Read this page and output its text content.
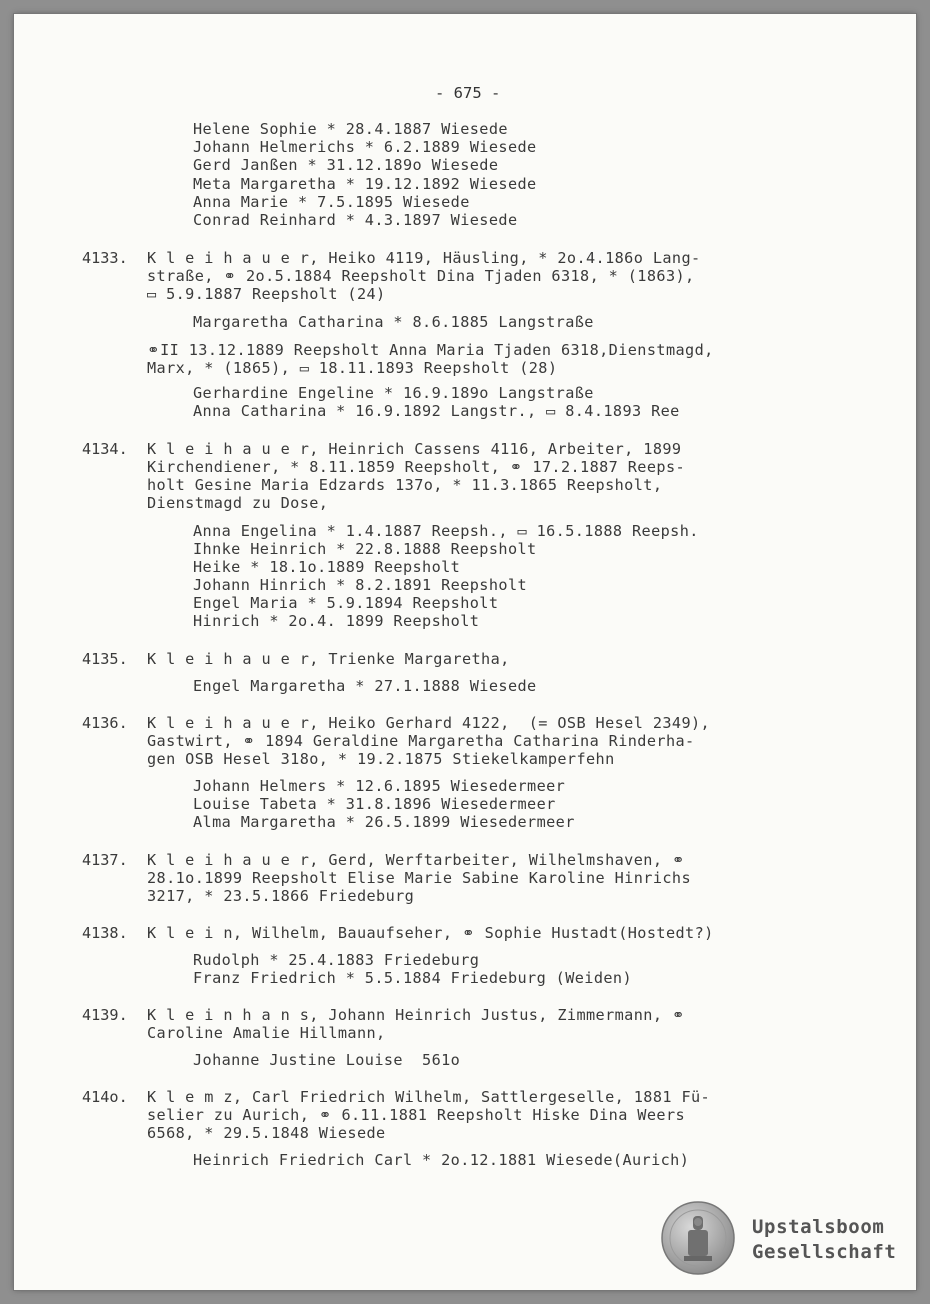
- 675 -
Helene Sophie * 28.4.1887 Wiesede
Johann Helmerichs * 6.2.1889 Wiesede
Gerd Janßen * 31.12.189o Wiesede
Meta Margaretha * 19.12.1892 Wiesede
Anna Marie * 7.5.1895 Wiesede
Conrad Reinhard * 4.3.1897 Wiesede
4133. K l e i h a u e r, Heiko 4119, Häusling, * 2o.4.186o Lang-
straße, ⚭ 2o.5.1884 Reepsholt Dina Tjaden 6318, * (1863),
▭ 5.9.1887 Reepsholt (24)
Margaretha Catharina * 8.6.1885 Langstraße
⚭II 13.12.1889 Reepsholt Anna Maria Tjaden 6318,Dienstmagd,
Marx, * (1865), ▭ 18.11.1893 Reepsholt (28)
Gerhardine Engeline * 16.9.189o Langstraße
Anna Catharina * 16.9.1892 Langstr., ▭ 8.4.1893 Ree
4134. K l e i h a u e r, Heinrich Cassens 4116, Arbeiter, 1899
Kirchendiener, * 8.11.1859 Reepsholt, ⚭ 17.2.1887 Reeps-
holt Gesine Maria Edzards 137o, * 11.3.1865 Reepsholt,
Dienstmagd zu Dose,
Anna Engelina * 1.4.1887 Reepsh., ▭ 16.5.1888 Reepsh.
Ihnke Heinrich * 22.8.1888 Reepsholt
Heike * 18.1o.1889 Reepsholt
Johann Hinrich * 8.2.1891 Reepsholt
Engel Maria * 5.9.1894 Reepsholt
Hinrich * 2o.4. 1899 Reepsholt
4135. K l e i h a u e r, Trienke Margaretha,
Engel Margaretha * 27.1.1888 Wiesede
4136. K l e i h a u e r, Heiko Gerhard 4122,  (= OSB Hesel 2349),
Gastwirt, ⚭ 1894 Geraldine Margaretha Catharina Rinderha-
gen OSB Hesel 318o, * 19.2.1875 Stiekelkamperfehn
Johann Helmers * 12.6.1895 Wiesedermeer
Louise Tabeta * 31.8.1896 Wiesedermeer
Alma Margaretha * 26.5.1899 Wiesedermeer
4137. K l e i h a u e r, Gerd, Werftarbeiter, Wilhelmshaven, ⚭
28.1o.1899 Reepsholt Elise Marie Sabine Karoline Hinrichs
3217, * 23.5.1866 Friedeburg
4138. K l e i n, Wilhelm, Bauaufseher, ⚭ Sophie Hustadt(Hostedt?)
Rudolph * 25.4.1883 Friedeburg
Franz Friedrich * 5.5.1884 Friedeburg (Weiden)
4139. K l e i n h a n s, Johann Heinrich Justus, Zimmermann, ⚭
Caroline Amalie Hillmann,
Johanne Justine Louise  561o
414o. K l e m z, Carl Friedrich Wilhelm, Sattlergeselle, 1881 Fü-
selier zu Aurich, ⚭ 6.11.1881 Reepsholt Hiske Dina Weers
6568, * 29.5.1848 Wiesede
Heinrich Friedrich Carl * 2o.12.1881 Wiesede(Aurich)
Upstalsboom
Gesellschaft
